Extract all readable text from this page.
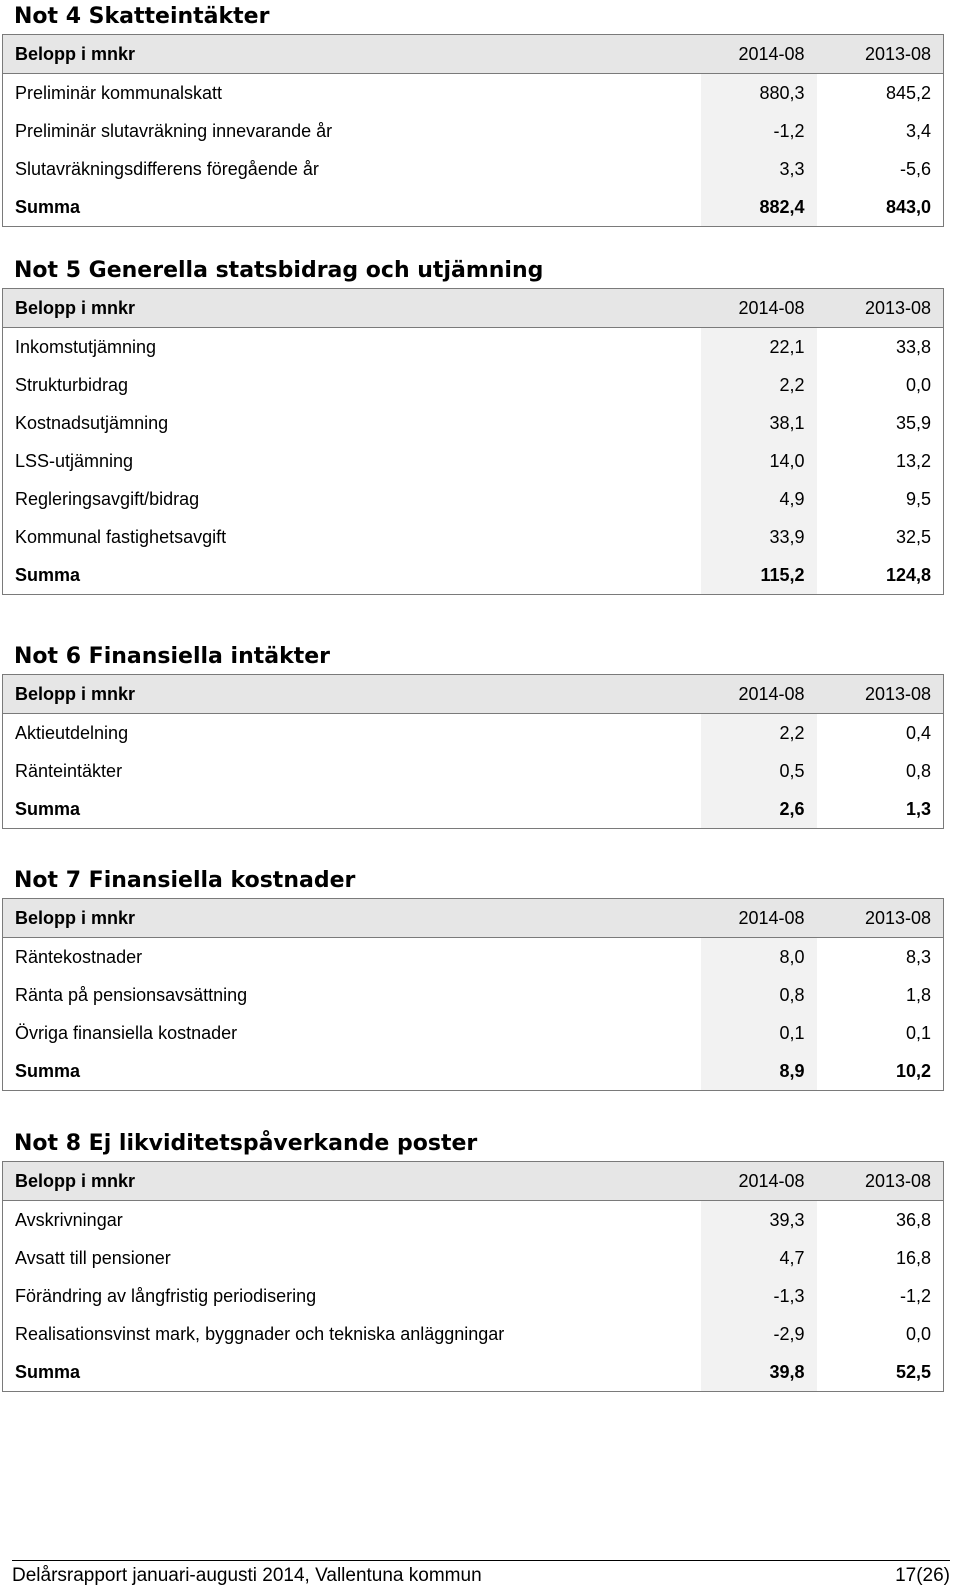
Not 4 Skatteintäkter
Belopp i mnkr	2014-08	2013-08
Preliminär kommunalskatt	880,3	845,2
Preliminär slutavräkning innevarande år	-1,2	3,4
Slutavräkningsdifferens föregående år	3,3	-5,6
Summa	882,4	843,0
Not 5 Generella statsbidrag och utjämning
Belopp i mnkr	2014-08	2013-08
Inkomstutjämning	22,1	33,8
Strukturbidrag	2,2	0,0
Kostnadsutjämning	38,1	35,9
LSS-utjämning	14,0	13,2
Regleringsavgift/bidrag	4,9	9,5
Kommunal fastighetsavgift	33,9	32,5
Summa	115,2	124,8
Not 6 Finansiella intäkter
Belopp i mnkr	2014-08	2013-08
Aktieutdelning	2,2	0,4
Ränteintäkter	0,5	0,8
Summa	2,6	1,3
Not 7 Finansiella kostnader
Belopp i mnkr	2014-08	2013-08
Räntekostnader	8,0	8,3
Ränta på pensionsavsättning	0,8	1,8
Övriga finansiella kostnader	0,1	0,1
Summa	8,9	10,2
Not 8 Ej likviditetspåverkande poster
Belopp i mnkr	2014-08	2013-08
Avskrivningar	39,3	36,8
Avsatt till pensioner	4,7	16,8
Förändring av långfristig periodisering	-1,3	-1,2
Realisationsvinst mark, byggnader och tekniska anläggningar	-2,9	0,0
Summa	39,8	52,5
Delårsrapport januari-augusti 2014, Vallentuna kommun	17(26)
